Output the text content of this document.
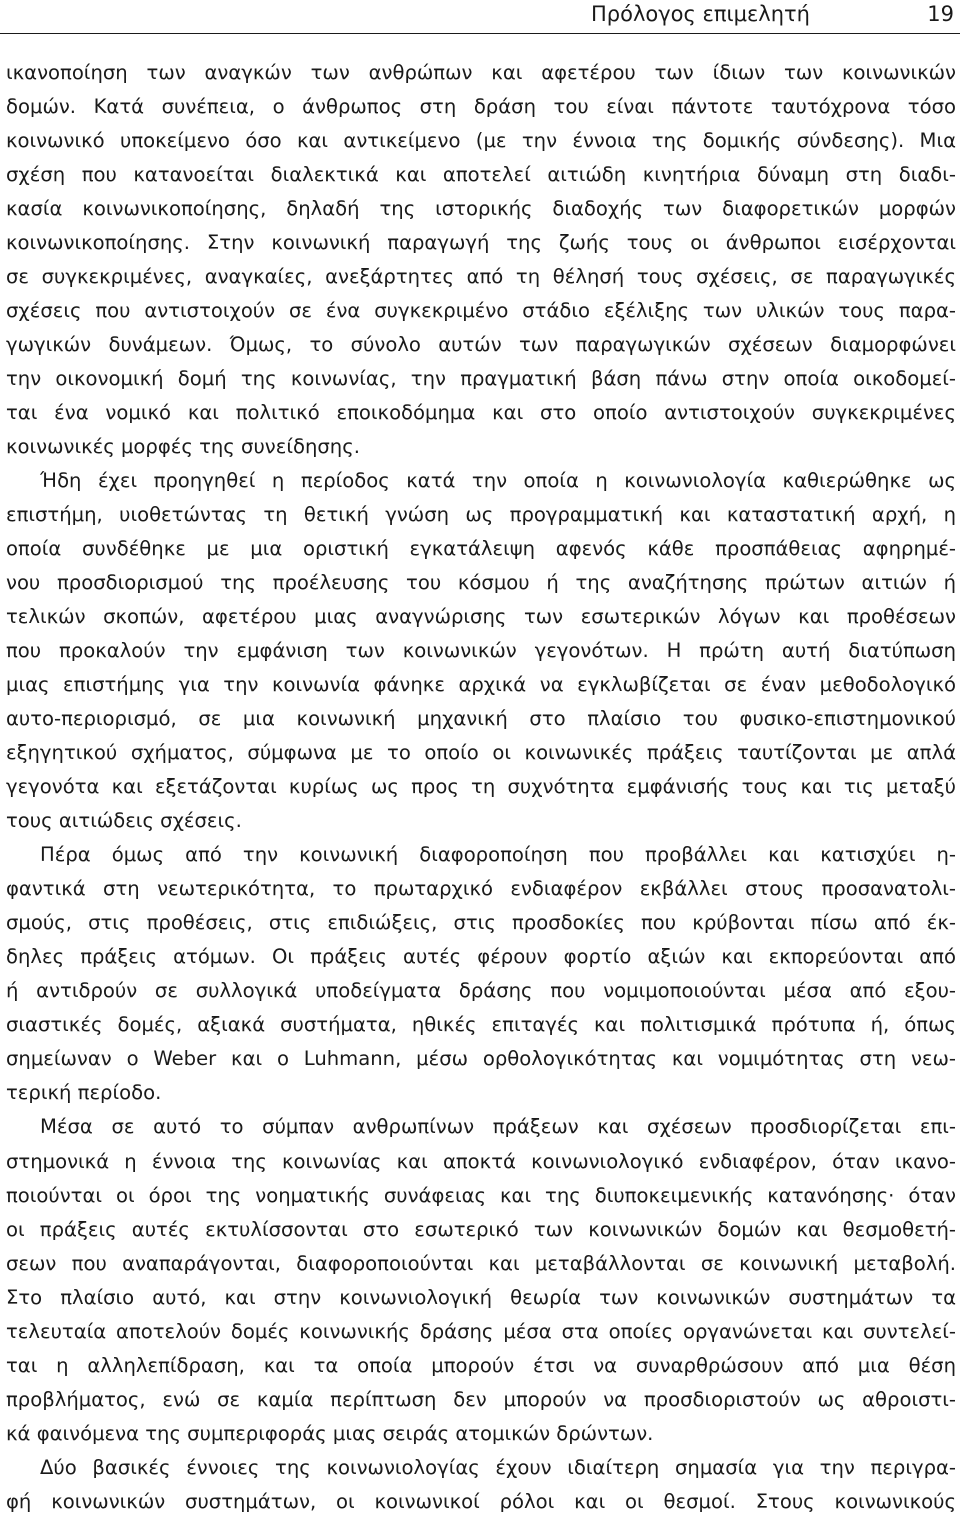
Πρόλογος επιμελητή	19
ικανοποίηση των αναγκών των ανθρώπων και αφετέρου των ίδιων των κοινωνικών
δομών. Κατά συνέπεια, ο άνθρωπος στη δράση του είναι πάντοτε ταυτόχρονα τόσο
κοινωνικό υποκείμενο όσο και αντικείμενο (με την έννοια της δομικής σύνδεσης). Μια
σχέση που κατανοείται διαλεκτικά και αποτελεί αιτιώδη κινητήρια δύναμη στη διαδι-
κασία κοινωνικοποίησης, δηλαδή της ιστορικής διαδοχής των διαφορετικών μορφών
κοινωνικοποίησης. Στην κοινωνική παραγωγή της ζωής τους οι άνθρωποι εισέρχονται
σε συγκεκριμένες, αναγκαίες, ανεξάρτητες από τη θέλησή τους σχέσεις, σε παραγωγικές
σχέσεις που αντιστοιχούν σε ένα συγκεκριμένο στάδιο εξέλιξης των υλικών τους παρα-
γωγικών δυνάμεων. Όμως, το σύνολο αυτών των παραγωγικών σχέσεων διαμορφώνει
την οικονομική δομή της κοινωνίας, την πραγματική βάση πάνω στην οποία οικοδομεί-
ται ένα νομικό και πολιτικό εποικοδόμημα και στο οποίο αντιστοιχούν συγκεκριμένες
κοινωνικές μορφές της συνείδησης.
Ήδη έχει προηγηθεί η περίοδος κατά την οποία η κοινωνιολογία καθιερώθηκε ως
επιστήμη, υιοθετώντας τη θετική γνώση ως προγραμματική και καταστατική αρχή, η
οποία συνδέθηκε με μια οριστική εγκατάλειψη αφενός κάθε προσπάθειας αφηρημέ-
νου προσδιορισμού της προέλευσης του κόσμου ή της αναζήτησης πρώτων αιτιών ή
τελικών σκοπών, αφετέρου μιας αναγνώρισης των εσωτερικών λόγων και προθέσεων
που προκαλούν την εμφάνιση των κοινωνικών γεγονότων. Η πρώτη αυτή διατύπωση
μιας επιστήμης για την κοινωνία φάνηκε αρχικά να εγκλωβίζεται σε έναν μεθοδολογικό
αυτο-περιορισμό, σε μια κοινωνική μηχανική στο πλαίσιο του φυσικο-επιστημονικού
εξηγητικού σχήματος, σύμφωνα με το οποίο οι κοινωνικές πράξεις ταυτίζονται με απλά
γεγονότα και εξετάζονται κυρίως ως προς τη συχνότητα εμφάνισής τους και τις μεταξύ
τους αιτιώδεις σχέσεις.
Πέρα όμως από την κοινωνική διαφοροποίηση που προβάλλει και κατισχύει η-
φαντικά στη νεωτερικότητα, το πρωταρχικό ενδιαφέρον εκβάλλει στους προσανατολι-
σμούς, στις προθέσεις, στις επιδιώξεις, στις προσδοκίες που κρύβονται πίσω από έκ-
δηλες πράξεις ατόμων. Οι πράξεις αυτές φέρουν φορτίο αξιών και εκπορεύονται από
ή αντιδρούν σε συλλογικά υποδείγματα δράσης που νομιμοποιούνται μέσα από εξου-
σιαστικές δομές, αξιακά συστήματα, ηθικές επιταγές και πολιτισμικά πρότυπα ή, όπως
σημείωναν ο Weber και ο Luhmann, μέσω ορθολογικότητας και νομιμότητας στη νεω-
τερική περίοδο.
Μέσα σε αυτό το σύμπαν ανθρωπίνων πράξεων και σχέσεων προσδιορίζεται επι-
στημονικά η έννοια της κοινωνίας και αποκτά κοινωνιολογικό ενδιαφέρον, όταν ικανο-
ποιούνται οι όροι της νοηματικής συνάφειας και της διυποκειμενικής κατανόησης· όταν
οι πράξεις αυτές εκτυλίσσονται στο εσωτερικό των κοινωνικών δομών και θεσμοθετή-
σεων που αναπαράγονται, διαφοροποιούνται και μεταβάλλονται σε κοινωνική μεταβολή.
Στο πλαίσιο αυτό, και στην κοινωνιολογική θεωρία των κοινωνικών συστημάτων τα
τελευταία αποτελούν δομές κοινωνικής δράσης μέσα στα οποίες οργανώνεται και συντελεί-
ται η αλληλεπίδραση, και τα οποία μπορούν έτσι να συναρθρώσουν από μια θέση
προβλήματος, ενώ σε καμία περίπτωση δεν μπορούν να προσδιοριστούν ως αθροιστι-
κά φαινόμενα της συμπεριφοράς μιας σειράς ατομικών δρώντων.
Δύο βασικές έννοιες της κοινωνιολογίας έχουν ιδιαίτερη σημασία για την περιγρα-
φή κοινωνικών συστημάτων, οι κοινωνικοί ρόλοι και οι θεσμοί. Στους κοινωνικούς
